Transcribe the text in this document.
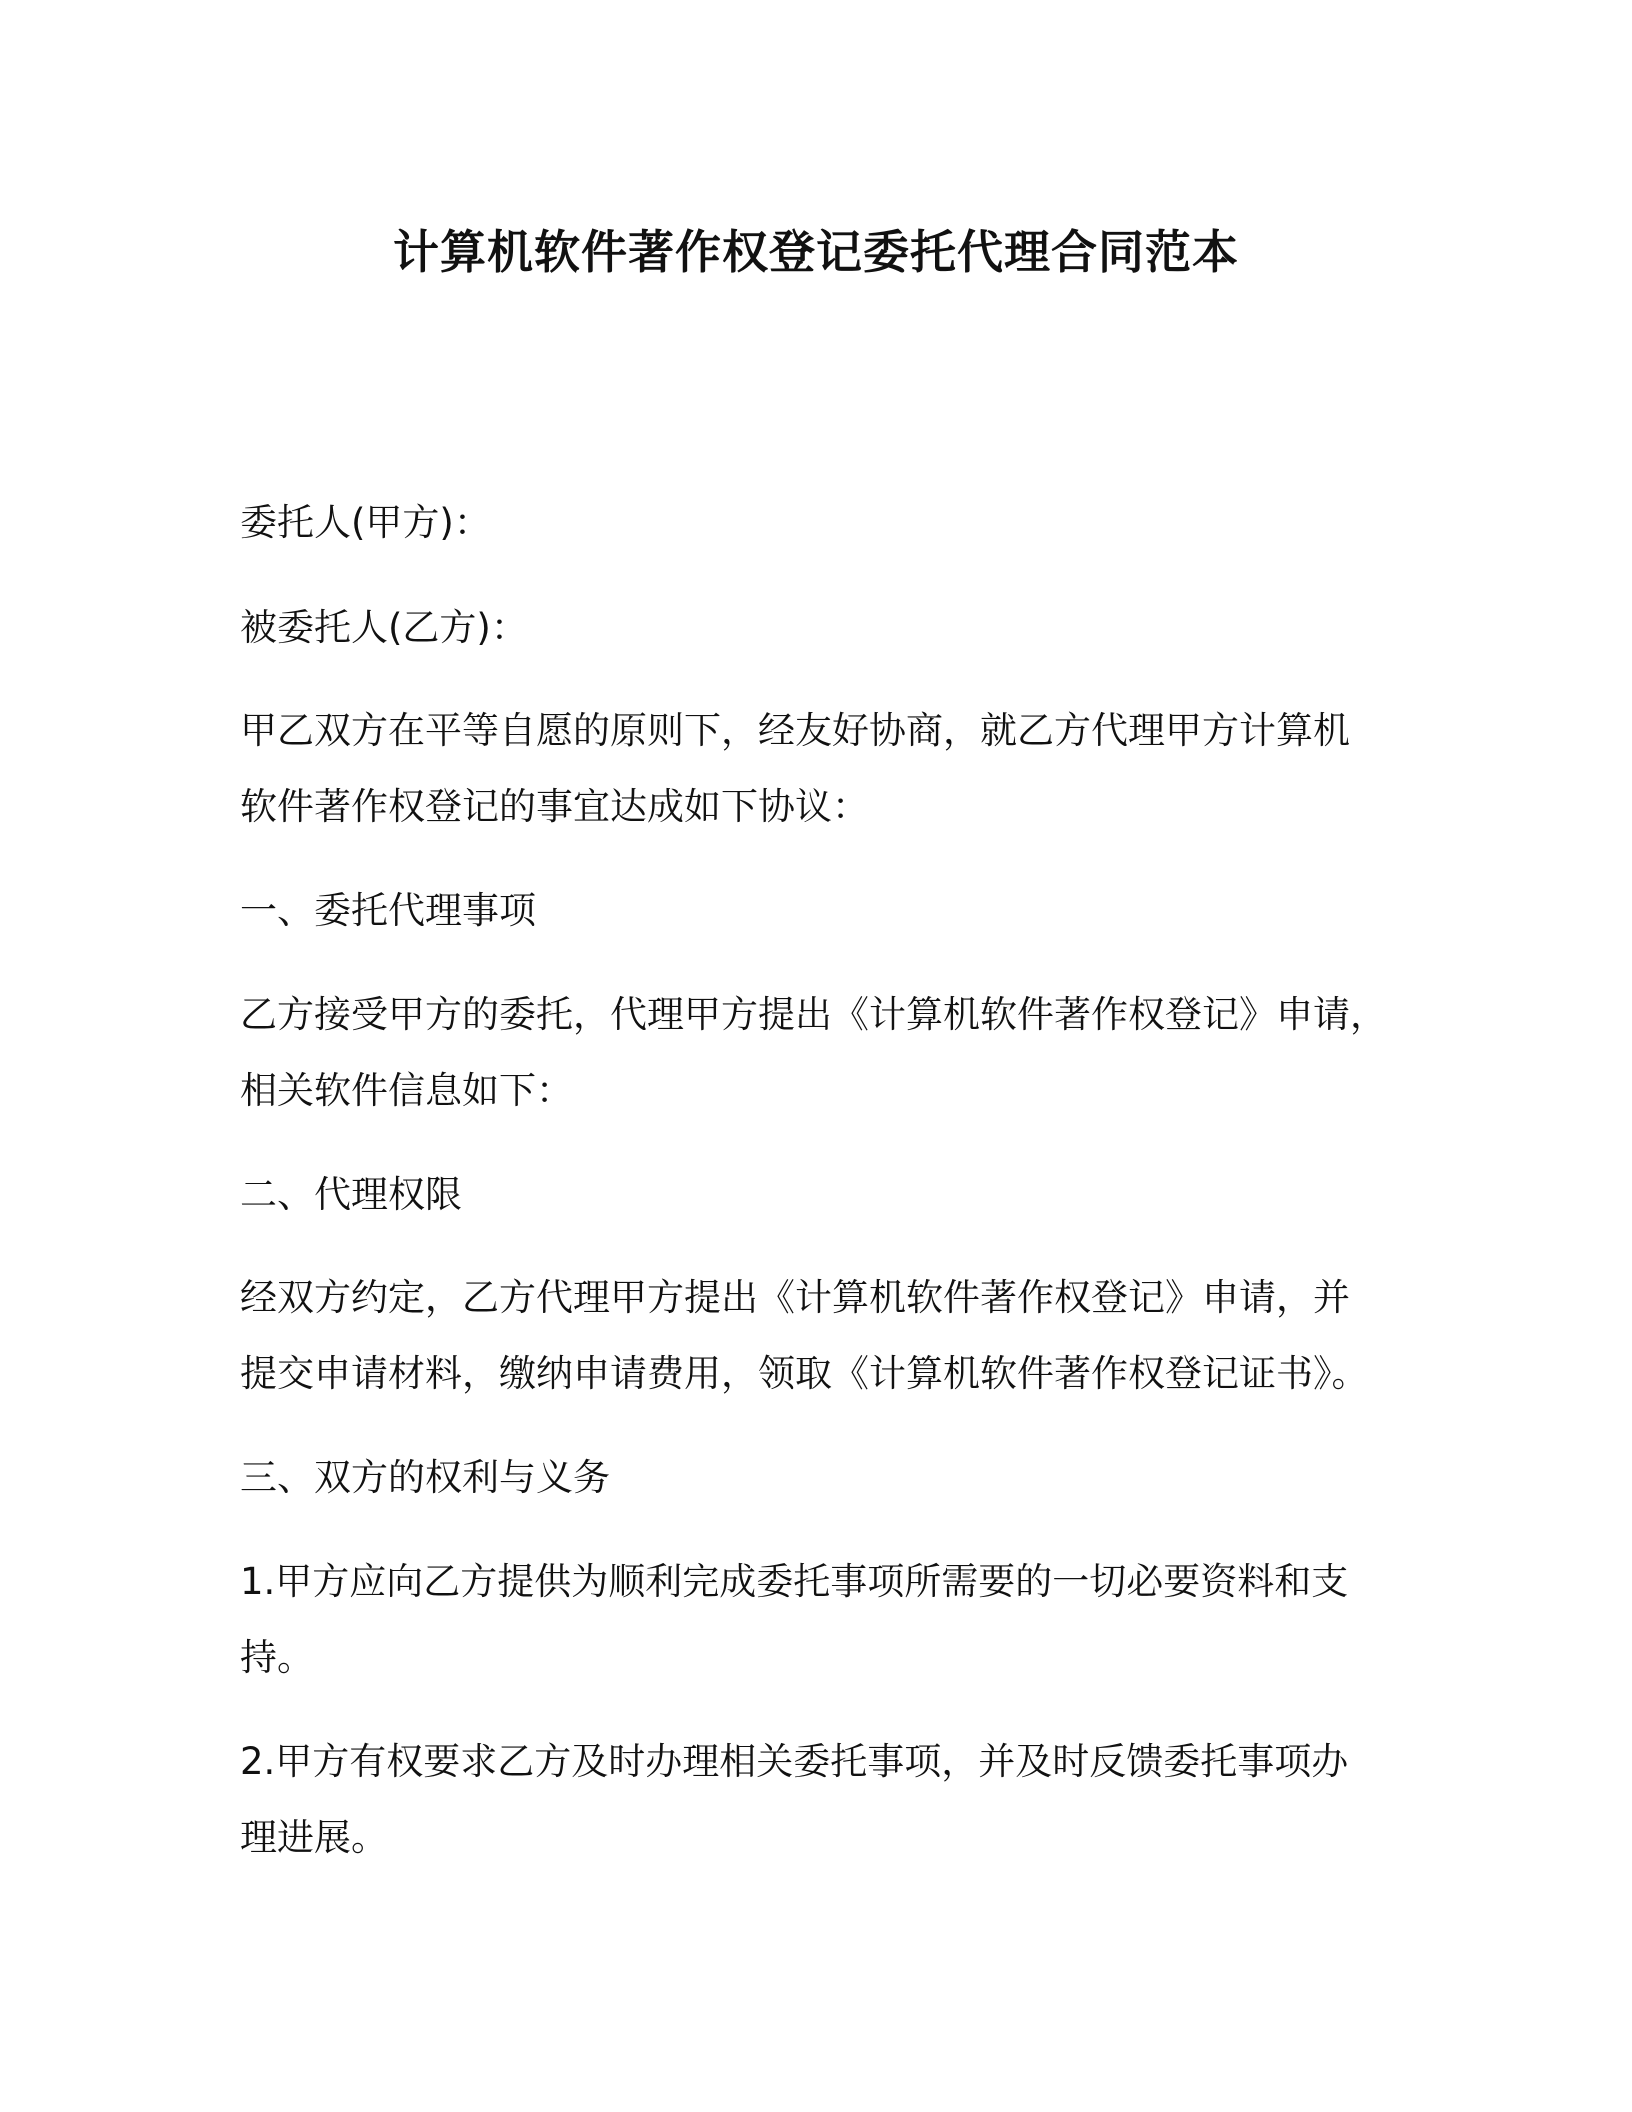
计算机软件著作权登记委托代理合同范本

委托人(甲方)：

被委托人(乙方)：

甲乙双方在平等自愿的原则下，经友好协商，就乙方代理甲方计算机

软件著作权登记的事宜达成如下协议：

一、委托代理事项

乙方接受甲方的委托，代理甲方提出《计算机软件著作权登记》申请，

相关软件信息如下：

二、代理权限

经双方约定，乙方代理甲方提出《计算机软件著作权登记》申请，并

提交申请材料，缴纳申请费用，领取《计算机软件著作权登记证书》。

三、双方的权利与义务

1.甲方应向乙方提供为顺利完成委托事项所需要的一切必要资料和支

持。

2.甲方有权要求乙方及时办理相关委托事项，并及时反馈委托事项办

理进展。
